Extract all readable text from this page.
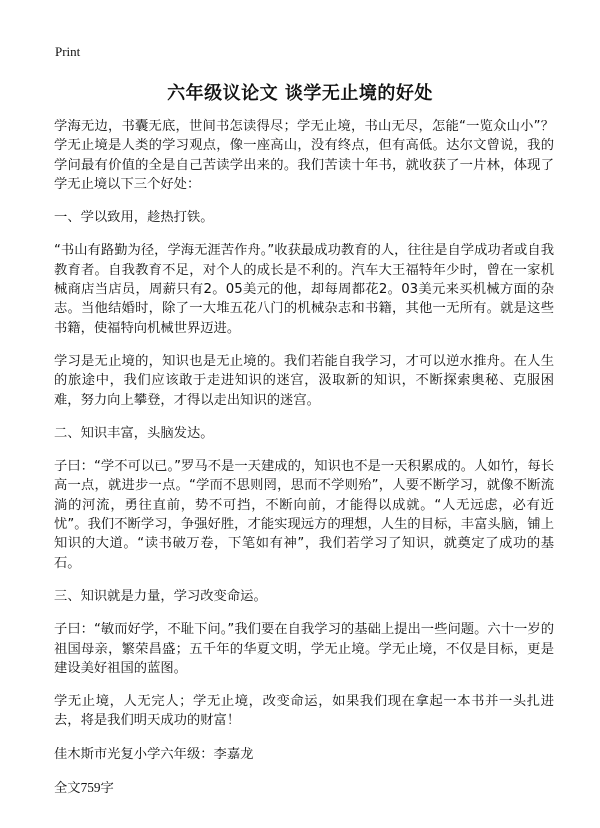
Print
六年级议论文 谈学无止境的好处

学海无边，书囊无底，世间书怎读得尽；学无止境，书山无尽，怎能“一览众山小”？学无止境是人类的学习观点，像一座高山，没有终点，但有高低。达尔文曾说，我的学问最有价值的全是自己苦读学出来的。我们苦读十年书，就收获了一片林，体现了学无止境以下三个好处：

一、学以致用，趁热打铁。

“书山有路勤为径，学海无涯苦作舟。”收获最成功教育的人，往往是自学成功者或自我教育者。自我教育不足，对个人的成长是不利的。汽车大王福特年少时，曾在一家机械商店当店员，周薪只有2。05美元的他，却每周都花2。03美元来买机械方面的杂志。当他结婚时，除了一大堆五花八门的机械杂志和书籍，其他一无所有。就是这些书籍，使福特向机械世界迈进。

学习是无止境的，知识也是无止境的。我们若能自我学习，才可以逆水推舟。在人生的旅途中，我们应该敢于走进知识的迷宫，汲取新的知识，不断探索奥秘、克服困难，努力向上攀登，才得以走出知识的迷宫。

二、知识丰富，头脑发达。

子曰：“学不可以已。”罗马不是一天建成的，知识也不是一天积累成的。人如竹，每长高一点，就进步一点。“学而不思则罔，思而不学则殆”，人要不断学习，就像不断流淌的河流，勇往直前，势不可挡，不断向前，才能得以成就。“人无远虑，必有近忧”。我们不断学习，争强好胜，才能实现远方的理想，人生的目标，丰富头脑，铺上知识的大道。“读书破万卷，下笔如有神”，我们若学习了知识，就奠定了成功的基石。

三、知识就是力量，学习改变命运。

子曰：“敏而好学，不耻下问。”我们要在自我学习的基础上提出一些问题。六十一岁的祖国母亲，繁荣昌盛；五千年的华夏文明，学无止境。学无止境，不仅是目标，更是建设美好祖国的蓝图。

学无止境，人无完人；学无止境，改变命运，如果我们现在拿起一本书并一头扎进去，将是我们明天成功的财富！

佳木斯市光复小学六年级：李嘉龙

全文759字
